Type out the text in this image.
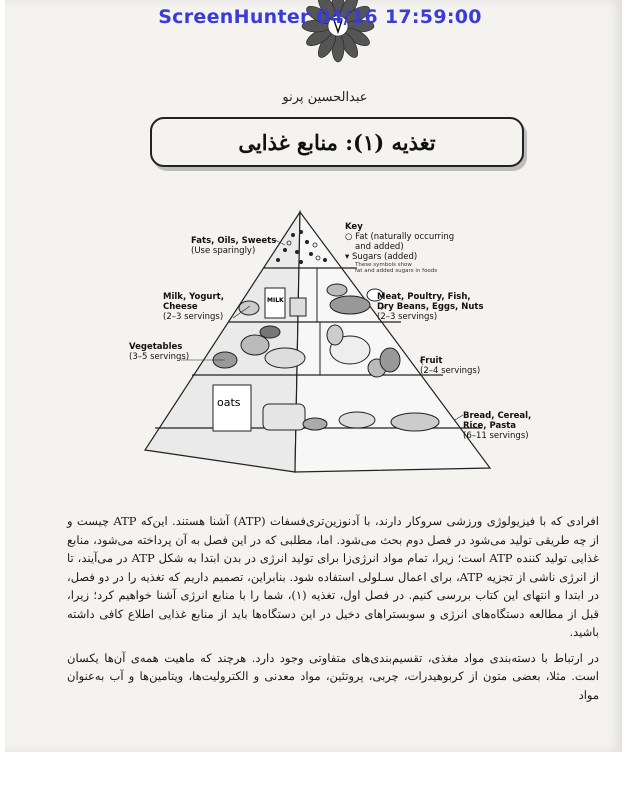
ScreenHunter 04/16 17:59:00
عبدالحسین پرنو
تغذیه (۱): منابع غذایی
MILK
oats
Fats, Oils, Sweets
(Use sparingly)
Milk, Yogurt,
Cheese
(2–3 servings)
Vegetables
(3–5 servings)
Meat, Poultry, Fish,
Dry Beans, Eggs, Nuts
(2–3 servings)
Fruit
(2–4 servings)
Bread, Cereal,
Rice, Pasta
(6–11 servings)
Key
○ Fat (naturally occurring
and added)
▾ Sugars (added)
These symbols show
fat and added sugars in foods

افرادی که با فیزیولوژی ورزشی سروکار دارند، با آدنوزین‌تری‌فسفات (ATP) آشنا هستند. این‌که ATP چیست و از چه طریقی تولید می‌شود در فصل دوم بحث می‌شود. اما، مطلبی که در این فصل به آن پرداخته می‌شود، منابع غذایی تولید کننده ATP است؛ زیرا، تمام مواد انرژی‌زا برای تولید انرژی در بدن ابتدا به شکل ATP در می‌آیند، تا از انرژی ناشی از تجزیه ATP، برای اعمال سـلولی استفاده شود. بنابراین، تصمیم داریم که تغذیه را در دو فصل، در ابتدا و انتهای این کتاب بررسی کنیم. در فصل اول، تغذیه (۱)، شما را با منابع انرژی آشنا خواهیم کرد؛ زیرا، قبل از مطالعه دستگاه‌های انرژی و سوبستراهای دخیل در این دستگاه‌ها باید از منابع غذایی اطلاع کافی داشته باشید.

در ارتباط با دسته‌بندی مواد مغذی، تقسیم‌بندی‌های متفاوتی وجود دارد. هرچند که ماهیت همه‌ی آن‌ها یکسان است. مثلا، بعضی متون از کربوهیدرات، چربی، پروتئین، مواد معدنی و الکترولیت‌ها، ویتامین‌ها و آب به‌عنوان مواد
